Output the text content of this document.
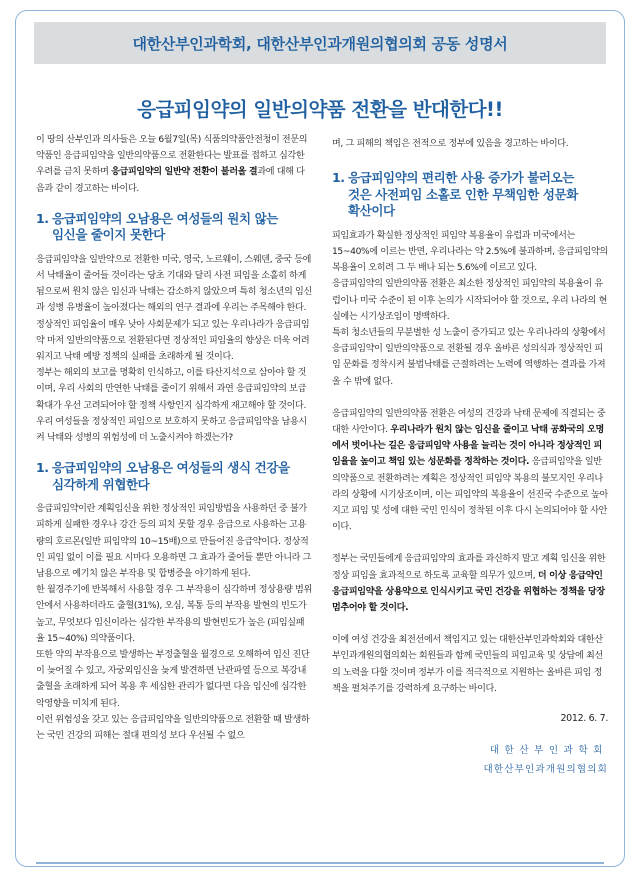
대한산부인과학회, 대한산부인과개원의협의회 공동 성명서
응급피임약의 일반의약품 전환을 반대한다!!

이 땅의 산부인과 의사들은 오늘 6월7일(목) 식품의약품안전청이 전문의약품인 응급피임약을 일반의약품으로 전환한다는 발표를 접하고 심각한 우려를 금치 못하며 응급피임약의 일반약 전환이 불러올 결과에 대해 다음과 같이 경고하는 바이다.

1. 응급피임약의 오남용은 여성들의 원치 않는
임신을 줄이지 못한다

응급피임약을 일반약으로 전환한 미국, 영국, 노르웨이, 스웨덴, 중국 등에서 낙태율이 줄어들 것이라는 당초 기대와 달리 사전 피임을 소홀히 하게 됨으로써 원치 않은 임신과 낙태는 감소하지 않았으며 특히 청소년의 임신과 성병 유병율이 높아졌다는 해외의 연구 결과에 우리는 주목해야 한다.

정상적인 피임율이 매우 낮아 사회문제가 되고 있는 우리나라가 응급피임약 마저 일반의약품으로 전환된다면 정상적인 피임율의 향상은 더욱 어려워지고 낙태 예방 정책의 실패를 초래하게 될 것이다.

정부는 해외의 보고를 명확히 인식하고, 이를 타산지석으로 삼아야 할 것이며, 우리 사회의 만연한 낙태를 줄이기 위해서 과연 응급피임약의 보급확대가 우선 고려되어야 할 정책 사항인지 심각하게 재고해야 할 것이다. 우리 여성들을 정상적인 피임으로 보호하지 못하고 응급피임약을 남용시켜 낙태와 성병의 위험성에 더 노출시켜야 하겠는가?

1. 응급피임약의 오남용은 여성들의 생식 건강을
심각하게 위협한다

응급피임약이란 계획임신을 위한 정상적인 피임방법을 사용하던 중 불가피하게 실패한 경우나 강간 등의 피치 못할 경우 응급으로 사용하는 고용량의 호르몬(일반 피임약의 10~15배)으로 만들어진 응급약이다. 정상적인 피임 없이 이를 필요 시마다 오용하면 그 효과가 줄어들 뿐만 아니라 그 남용으로 예기치 않은 부작용 및 합병증을 야기하게 된다.

한 월경주기에 반복해서 사용할 경우 그 부작용이 심각하며 정상용량 범위 안에서 사용하더라도 출혈(31%), 오심, 복통 등의 부작용 발현의 빈도가 높고, 무엇보다 임신이라는 심각한 부작용의 발현빈도가 높은 (피임실패율 15~40%) 의약품이다.

또한 약의 부작용으로 발생하는 부정출혈을 월경으로 오해하여 임신 진단이 늦어질 수 있고, 자궁외임신을 늦게 발견하면 난관파열 등으로 복강내 출혈을 초래하게 되어 복용 후 세심한 관리가 없다면 다음 임신에 심각한 악영향을 미치게 된다.

이런 위험성을 갖고 있는 응급피임약을 일반의약품으로 전환할 때 발생하는 국민 건강의 피해는 절대 편의성 보다 우선될 수 없으

며, 그 피해의 책임은 전적으로 정부에 있음을 경고하는 바이다.

1. 응급피임약의 편리한 사용 증가가 불러오는
것은 사전피임 소홀로 인한 무책임한 성문화
확산이다

피임효과가 확실한 정상적인 피임약 복용율이 유럽과 미국에서는 15~40%에 이르는 반면, 우리나라는 약 2.5%에 불과하며, 응급피임약의 복용율이 오히려 그 두 배나 되는 5.6%에 이르고 있다.

응급피임약의 일반의약품 전환은 최소한 정상적인 피임약의 복용율이 유럽이나 미국 수준이 된 이후 논의가 시작되어야 할 것으로, 우리 나라의 현실에는 시기상조임이 명백하다.

특히 청소년들의 무분별한 성 노출이 증가되고 있는 우리나라의 상황에서 응급피임약이 일반의약품으로 전환될 경우 올바른 성의식과 정상적인 피임 문화를 정착시켜 불법낙태를 근절하려는 노력에 역행하는 결과를 가져올 수 밖에 없다.

응급피임약의 일반의약품 전환은 여성의 건강과 낙태 문제에 직결되는 중대한 사안이다. 우리나라가 원치 않는 임신을 줄이고 낙태 공화국의 오명에서 벗어나는 길은 응급피임약 사용을 늘리는 것이 아니라 정상적인 피임율을 높이고 책임 있는 성문화를 정착하는 것이다. 응급피임약을 일반의약품으로 전환하려는 계획은 정상적인 피임약 복용의 불모지인 우리나라의 상황에 시기상조이며, 이는 피임약의 복용율이 선진국 수준으로 높아지고 피임 및 성에 대한 국민 인식이 정착된 이후 다시 논의되어야 할 사안이다.

정부는 국민들에게 응급피임약의 효과를 과신하지 말고 계획 임신을 위한 정상 피임을 효과적으로 하도록 교육할 의무가 있으며, 더 이상 응급약인 응급피임약을 상용약으로 인식시키고 국민 건강을 위협하는 정책을 당장 멈추어야 할 것이다.

이에 여성 건강을 최전선에서 책임지고 있는 대한산부인과학회와 대한산부인과개원의협의회는 회원들과 함께 국민들의 피임교육 및 상담에 최선의 노력을 다할 것이며 정부가 이를 적극적으로 지원하는 올바른 피임 정책을 펼쳐주기를 강력하게 요구하는 바이다.

2012. 6. 7.
대한산부인과학회
대한산부인과개원의협의회
